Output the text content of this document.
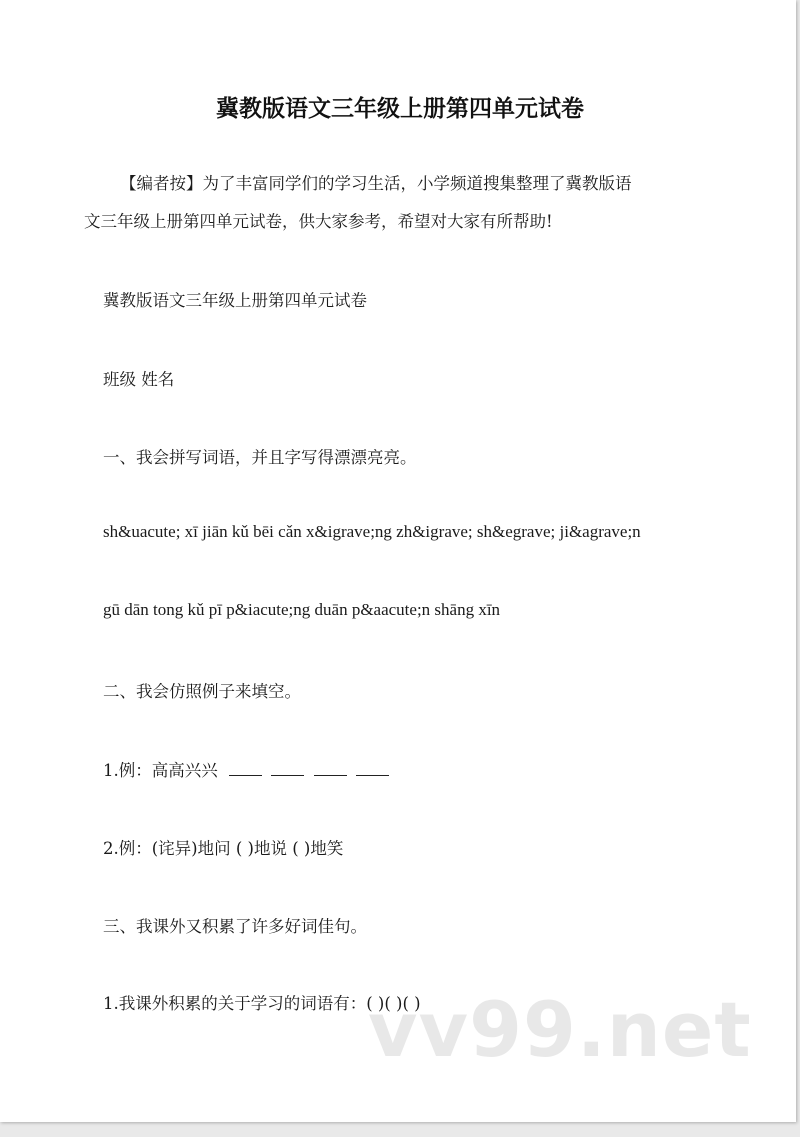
冀教版语文三年级上册第四单元试卷
【编者按】为了丰富同学们的学习生活，小学频道搜集整理了冀教版语
文三年级上册第四单元试卷，供大家参考，希望对大家有所帮助!
冀教版语文三年级上册第四单元试卷
班级 姓名
一、我会拼写词语，并且字写得漂漂亮亮。
sh&uacute; xī jiān kǔ bēi cǎn x&igrave;ng zh&igrave; sh&egrave; ji&agrave;n
gū dān tong kǔ pī p&iacute;ng duān p&aacute;n shāng xīn
二、我会仿照例子来填空。
1.例：高高兴兴
2.例：(诧异)地问 ( )地说 ( )地笑
三、我课外又积累了许多好词佳句。
1.我课外积累的关于学习的词语有：( )( )( )
vv99.net
